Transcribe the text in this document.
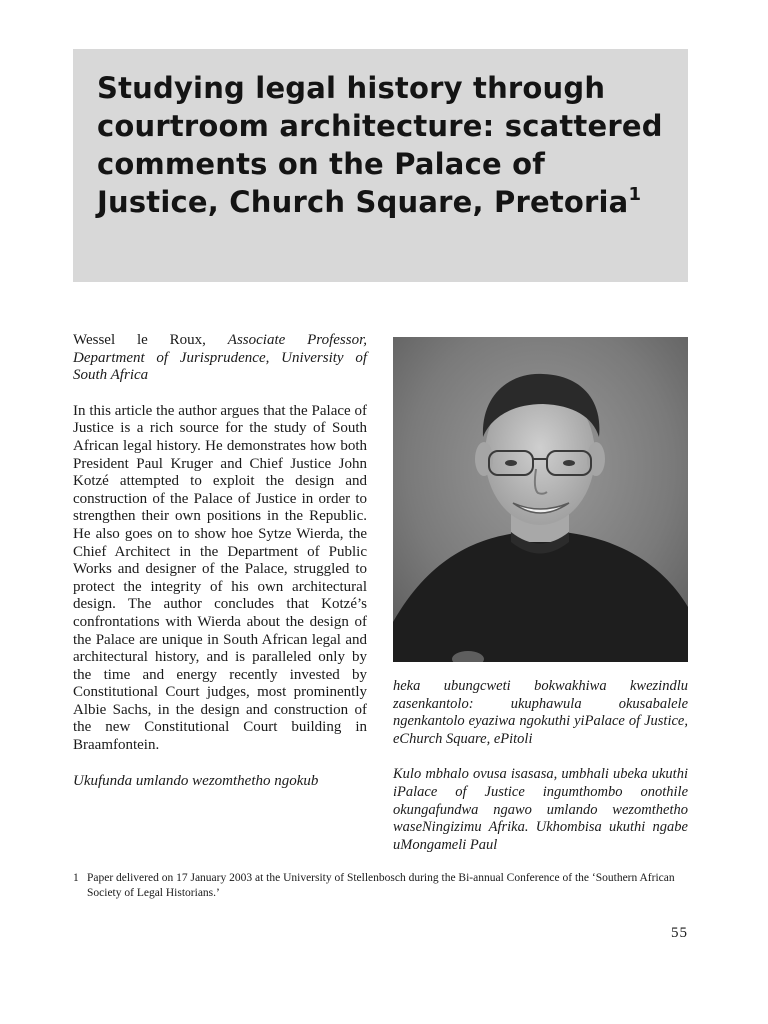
Studying legal history through courtroom architecture: scattered comments on the Palace of Justice, Church Square, Pretoria$^1$

Wessel le Roux, Associate Professor, Department of Jurisprudence, University of South Africa

In this article the author argues that the Palace of Justice is a rich source for the study of South African legal history. He demonstrates how both President Paul Kruger and Chief Justice John Kotzé attempted to exploit the design and construction of the Palace of Justice in order to strengthen their own positions in the Republic. He also goes on to show hoe Sytze Wierda, the Chief Architect in the Department of Public Works and designer of the Palace, struggled to protect the integrity of his own architectural design. The author concludes that Kotzé’s confrontations with Wierda about the design of the Palace are unique in South African legal and architectural history, and is paralleled only by the time and energy recently invested by Constitutional Court judges, most prominently Albie Sachs, in the design and construction of the new Constitutional Court building in Braamfontein.

Ukufunda umlando wezomthetho ngokub

heka ubungcweti bokwakhiwa kwezindlu zasenkantolo: ukuphawula okusabalele ngenkantolo eyaziwa ngokuthi yiPalace of Justice, eChurch Square, ePitoli

Kulo mbhalo ovusa isasasa, umbhali ubeka ukuthi iPalace of Justice ingumthombo onothile okungafundwa ngawo umlando wezomthetho waseNingizimu Afrika. Ukhombisa ukuthi ngabe uMongameli Paul

1 Paper delivered on 17 January 2003 at the University of Stellenbosch during the Bi-annual Conference of the ‘Southern African Society of Legal Historians.’
55
